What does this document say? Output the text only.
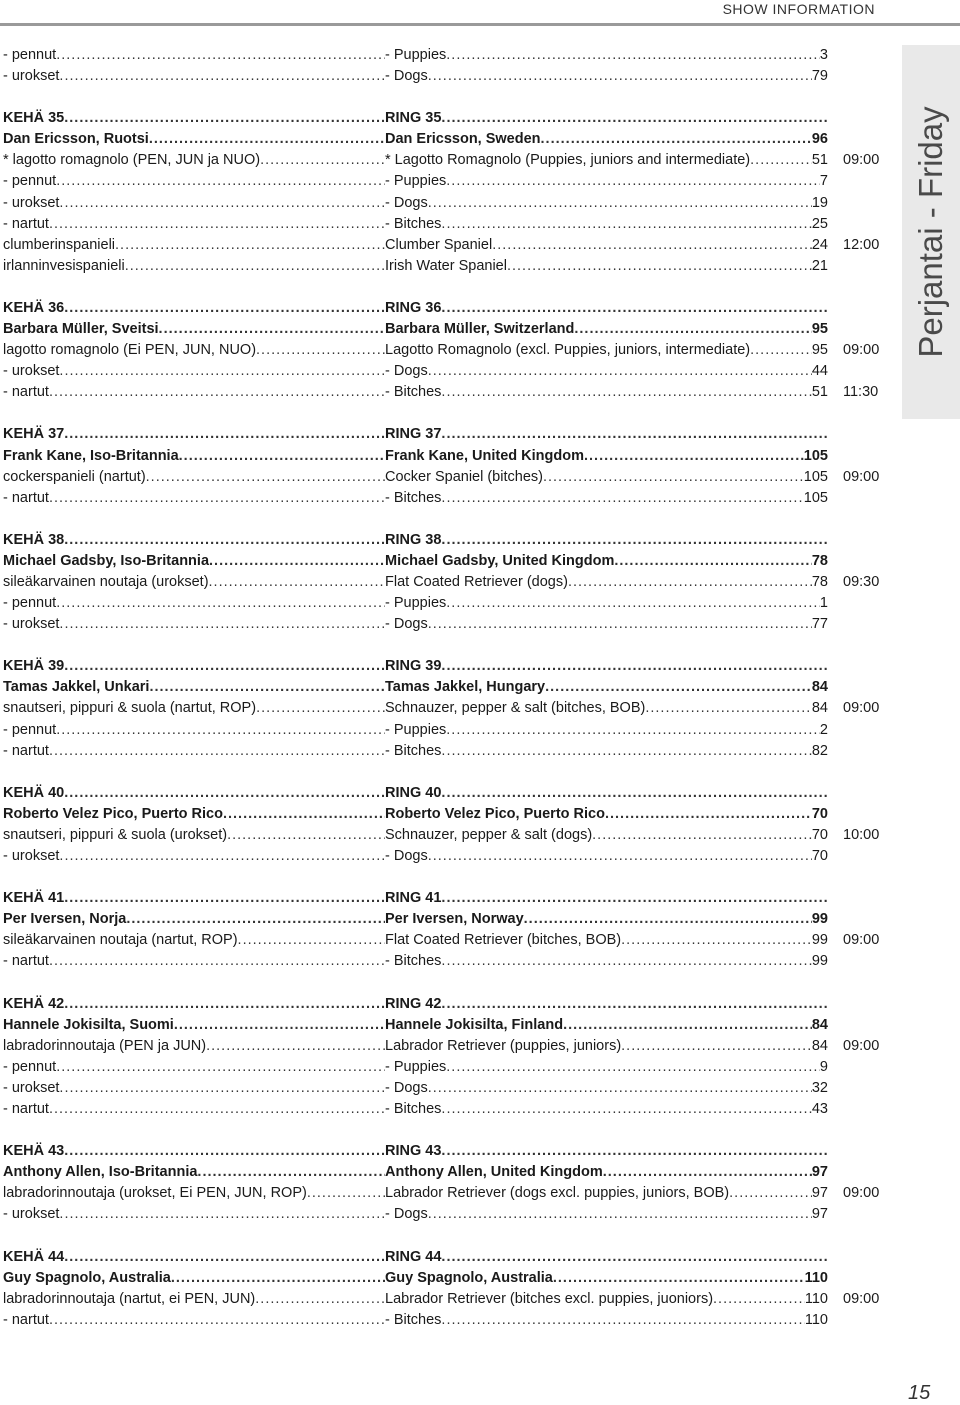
SHOW INFORMATION
Perjantai - Friday
- pennut .....	- Puppies .....	3
- urokset .....	- Dogs .....	79
KEHÄ 35 .....	RING 35
.....
Dan Ericsson, Ruotsi .....	Dan Ericsson, Sweden .....	96
* lagotto romagnolo (PEN, JUN ja NUO) .....	* Lagotto Romagnolo (Puppies, juniors and intermediate) .....	51 09:00
- pennut .....	- Puppies .....	7
- urokset .....	- Dogs .....	19
- nartut .....	- Bitches .....	25
clumberinspanieli .....	Clumber Spaniel .....	24 12:00
irlanninvesispanieli .....	Irish Water Spaniel .....	21
KEHÄ 36 .....	RING 36
.....
Barbara Müller, Sveitsi .....	Barbara Müller, Switzerland .....	95
lagotto romagnolo (Ei PEN, JUN, NUO) .....	Lagotto Romagnolo (excl. Puppies, juniors, intermediate) .....	95 09:00
- urokset .....	- Dogs .....	44
- nartut .....	- Bitches .....	51 11:30
KEHÄ 37 .....	RING 37
.....
Frank Kane, Iso-Britannia .....	Frank Kane, United Kingdom .....	105
cockerspanieli (nartut) .....	Cocker Spaniel (bitches) .....	105 09:00
- nartut .....	- Bitches .....	105
KEHÄ 38 .....	RING 38
.....
Michael Gadsby, Iso-Britannia .....	Michael Gadsby, United Kingdom .....	78
sileäkarvainen noutaja (urokset) .....	Flat Coated Retriever (dogs) .....	78 09:30
- pennut .....	- Puppies .....	1
- urokset .....	- Dogs .....	77
KEHÄ 39 .....	RING 39
.....
Tamas Jakkel, Unkari .....	Tamas Jakkel, Hungary .....	84
snautseri, pippuri & suola (nartut, ROP) .....	Schnauzer, pepper & salt (bitches, BOB) .....	84 09:00
- pennut .....	- Puppies .....	2
- nartut .....	- Bitches .....	82
KEHÄ 40 .....	RING 40
.....
Roberto Velez Pico, Puerto Rico .....	Roberto Velez Pico, Puerto Rico .....	70
snautseri, pippuri & suola (urokset) .....	Schnauzer, pepper & salt (dogs) .....	70 10:00
- urokset .....	- Dogs .....	70
KEHÄ 41 .....	RING 41
.....
Per Iversen, Norja .....	Per Iversen, Norway .....	99
sileäkarvainen noutaja (nartut, ROP) .....	Flat Coated Retriever (bitches, BOB) .....	99 09:00
- nartut .....	- Bitches .....	99
KEHÄ 42 .....	RING 42
.....
Hannele Jokisilta, Suomi .....	Hannele Jokisilta, Finland .....	84
labradorinnoutaja (PEN ja JUN) .....	Labrador Retriever (puppies, juniors) .....	84 09:00
- pennut .....	- Puppies .....	9
- urokset .....	- Dogs .....	32
- nartut .....	- Bitches .....	43
KEHÄ 43 .....	RING 43
.....
Anthony Allen, Iso-Britannia .....	Anthony Allen, United Kingdom .....	97
labradorinnoutaja (urokset, Ei PEN, JUN, ROP) .....	Labrador Retriever (dogs excl. puppies, juniors, BOB) .....	97 09:00
- urokset .....	- Dogs .....	97
KEHÄ 44 .....	RING 44
.....
Guy Spagnolo, Australia .....	Guy Spagnolo, Australia .....	110
labradorinnoutaja (nartut, ei PEN, JUN) .....	Labrador Retriever (bitches excl. puppies, juoniors) .....	110 09:00
- nartut .....	- Bitches .....	110
15
